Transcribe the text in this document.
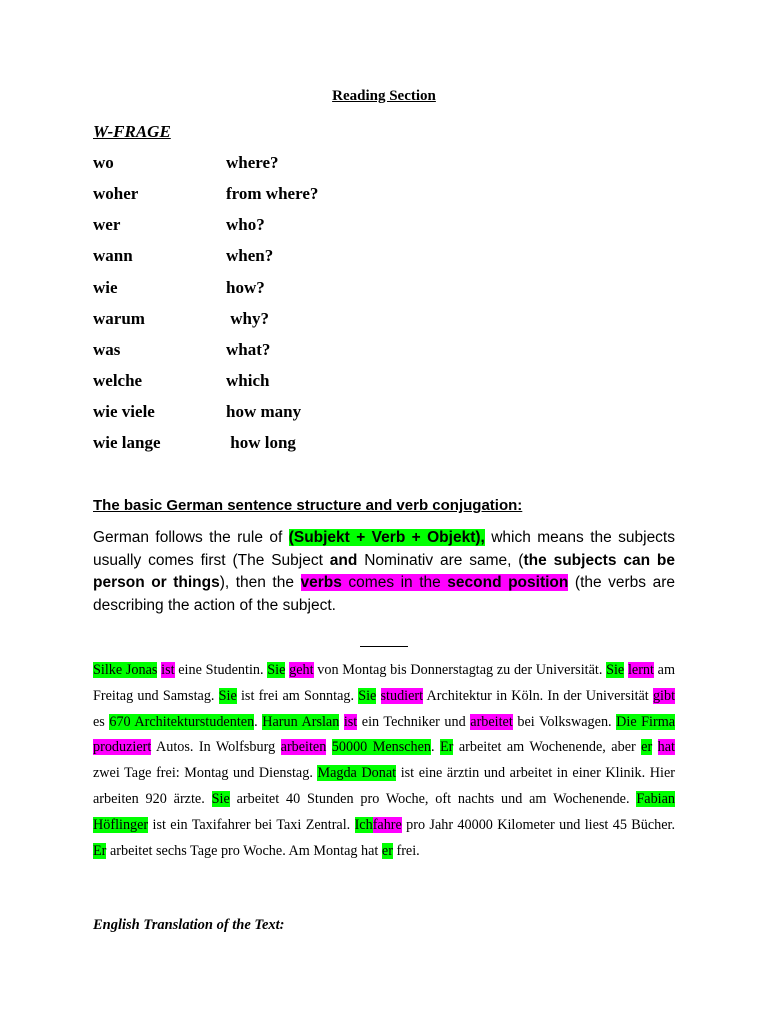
Reading Section
W-FRAGE
wo	where?
woher	from where?
wer	who?
wann	when?
wie	how?
warum	why?
was	what?
welche	which
wie viele	how many
wie lange	how long
The basic German sentence structure and verb conjugation:
German follows the rule of (Subjekt + Verb + Objekt), which means the subjects usually comes first (The Subject and Nominativ are same, (the subjects can be person or things), then the verbs comes in the second position (the verbs are describing the action of the subject.
Silke Jonas ist eine Studentin. Sie geht von Montag bis Donnerstagtag zu der Universität. Sie lernt am Freitag und Samstag. Sie ist frei am Sonntag. Sie studiert Architektur in Köln. In der Universität gibt es 670 Architekturstudenten. Harun Arslan ist ein Techniker und arbeitet bei Volkswagen. Die Firma produziert Autos. In Wolfsburg arbeiten 50000 Menschen. Er arbeitet am Wochenende, aber er hat zwei Tage frei: Montag und Dienstag. Magda Donat ist eine ärztin und arbeitet in einer Klinik. Hier arbeiten 920 ärzte. Sie arbeitet 40 Stunden pro Woche, oft nachts und am Wochenende. Fabian Höflinger ist ein Taxifahrer bei Taxi Zentral. Ichfahre pro Jahr 40000 Kilometer und liest 45 Bücher. Er arbeitet sechs Tage pro Woche. Am Montag hat er frei.
English Translation of the Text:
